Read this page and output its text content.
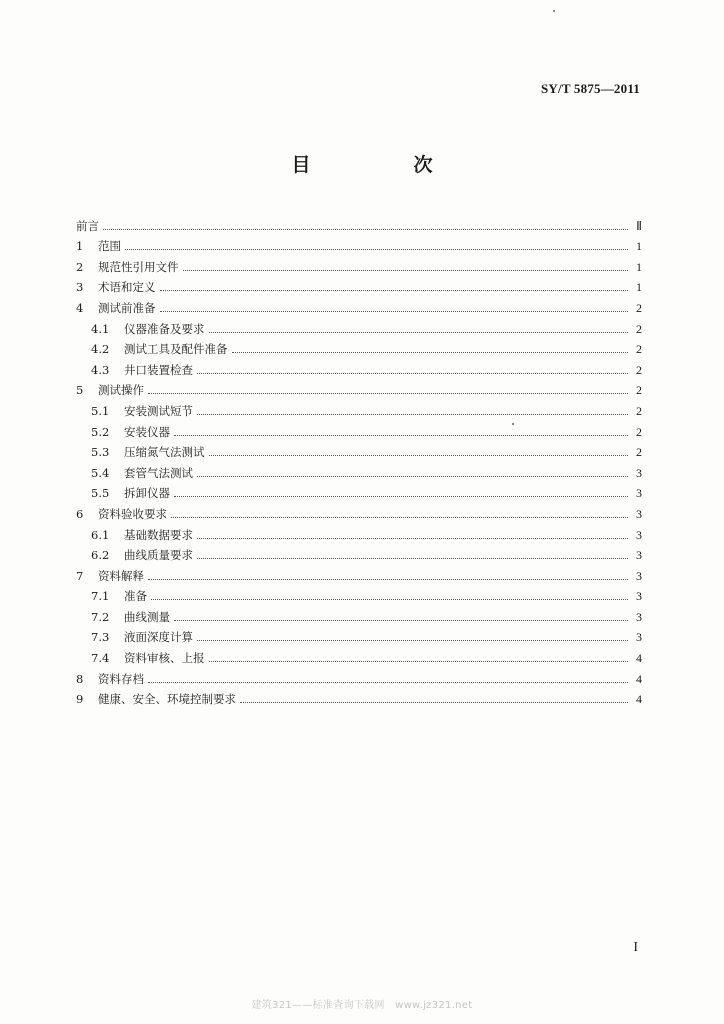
SY/T 5875—2011
目　次
前言	Ⅱ
1	范围	1
2	规范性引用文件	1
3	术语和定义	1
4	测试前准备	2
4.1	仪器准备及要求	2
4.2	测试工具及配件准备	2
4.3	井口装置检查	2
5	测试操作	2
5.1	安装测试短节	2
5.2	安装仪器	2
5.3	压缩氮气法测试	2
5.4	套管气法测试	3
5.5	拆卸仪器	3
6	资料验收要求	3
6.1	基础数据要求	3
6.2	曲线质量要求	3
7	资料解释	3
7.1	准备	3
7.2	曲线测量	3
7.3	液面深度计算	3
7.4	资料审核、上报	4
8	资料存档	4
9	健康、安全、环境控制要求	4
I
建筑321——标准查询下载网　www.jz321.net
